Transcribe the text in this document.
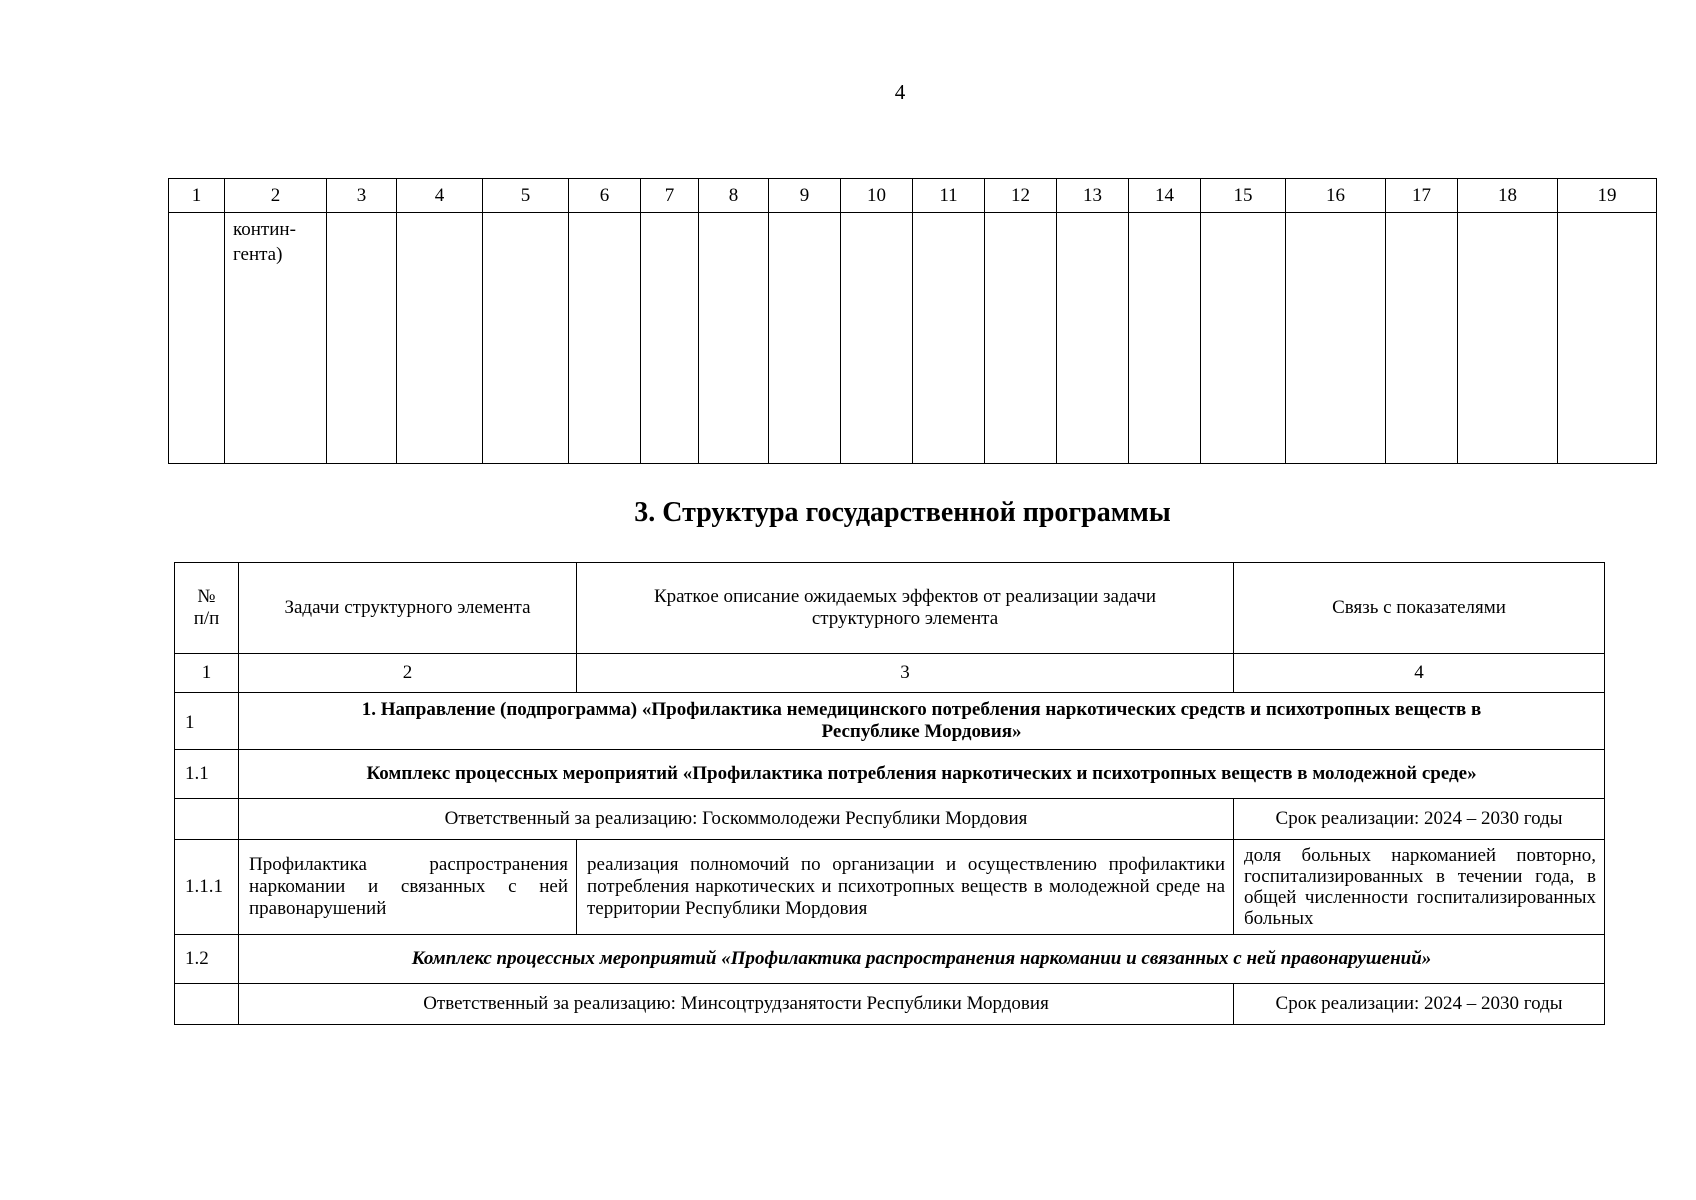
4
1	2	3	4	5	6	7	8	9	10	11	12	13	14	15	16	17	18	19

	контин-
гента)																	

3. Структура государственной программы
№
п/п	Задачи структурного элемента	Краткое описание ожидаемых эффектов от реализации задачи структурного элемента	Связь с показателями
1	2	3	4
1	1. Направление (подпрограмма) «Профилактика немедицинского потребления наркотических средств и психотропных веществ в Республике Мордовия»		
1.1	Комплекс процессных мероприятий «Профилактика потребления наркотических и психотропных веществ в молодежной среде»		
	Ответственный за реализацию: Госкоммолодежи Республики Мордовия		Срок реализации: 2024 – 2030 годы
1.1.1	Профилактика распространения наркомании и связанных с ней правонарушений	реализация полномочий по организации и осуществлению профилактики потребления наркотических и психотропных веществ в молодежной среде на территории Республики Мордовия	доля больных наркоманией повторно, госпитализированных в течении года, в общей численности госпитализированных больных
1.2	Комплекс процессных мероприятий «Профилактика распространения наркомании и связанных с ней правонарушений»		
	Ответственный за реализацию: Минсоцтрудзанятости Республики Мордовия		Срок реализации: 2024 – 2030 годы
